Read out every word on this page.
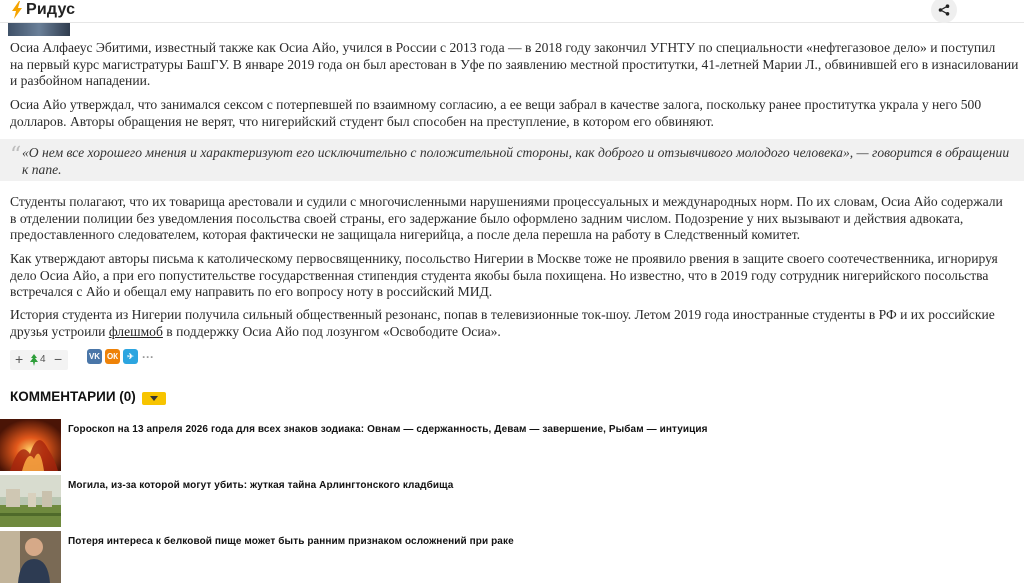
Ридус

Осиа Алфаеус Эбитими, известный также как Осиа Айо, учился в России с 2013 года — в 2018 году закончил УГНТУ по специальности «нефтегазовое дело» и поступил
на первый курс магистратуры БашГУ. В январе 2019 года он был арестован в Уфе по заявлению местной проститутки, 41-летней Марии Л., обвинившей его в изнасиловании
и разбойном нападении.

Осиа Айо утверждал, что занимался сексом с потерпевшей по взаимному согласию, а ее вещи забрал в качестве залога, поскольку ранее проститутка украла у него 500
долларов. Авторы обращения не верят, что нигерийский студент был способен на преступление, в котором его обвиняют.

“ «О нем все хорошего мнения и характеризуют его исключительно с положительной стороны, как доброго и отзывчивого молодого человека», — говорится в обращении
к папе.

Студенты полагают, что их товарища арестовали и судили с многочисленными нарушениями процессуальных и международных норм. По их словам, Осиа Айо содержали
в отделении полиции без уведомления посольства своей страны, его задержание было оформлено задним числом. Подозрение у них вызывают и действия адвоката,
предоставленного следователем, которая фактически не защищала нигерийца, а после дела перешла на работу в Следственный комитет.

Как утверждают авторы письма к католическому первосвященнику, посольство Нигерии в Москве тоже не проявило рвения в защите своего соотечественника, игнорируя
дело Осиа Айо, а при его попустительстве государственная стипендия студента якобы была похищена. Но известно, что в 2019 году сотрудник нигерийского посольства
встречался с Айо и обещал ему направить по его вопросу ноту в российский МИД.

История студента из Нигерии получила сильный общественный резонанс, попав в телевизионные ток-шоу. Летом 2019 года иностранные студенты в РФ и их российские
друзья устроили флешмоб в поддержку Осиа Айо под лозунгом «Освободите Осиа».

+ 4 −	VK ОК	✈ ···
КОММЕНТАРИИ (0)
Гороскоп на 13 апреля 2026 года для всех знаков зодиака: Овнам — сдержанность, Девам — завершение, Рыбам — интуиция
Могила, из-за которой могут убить: жуткая тайна Арлингтонского кладбища
Потеря интереса к белковой пище может быть ранним признаком осложнений при раке
